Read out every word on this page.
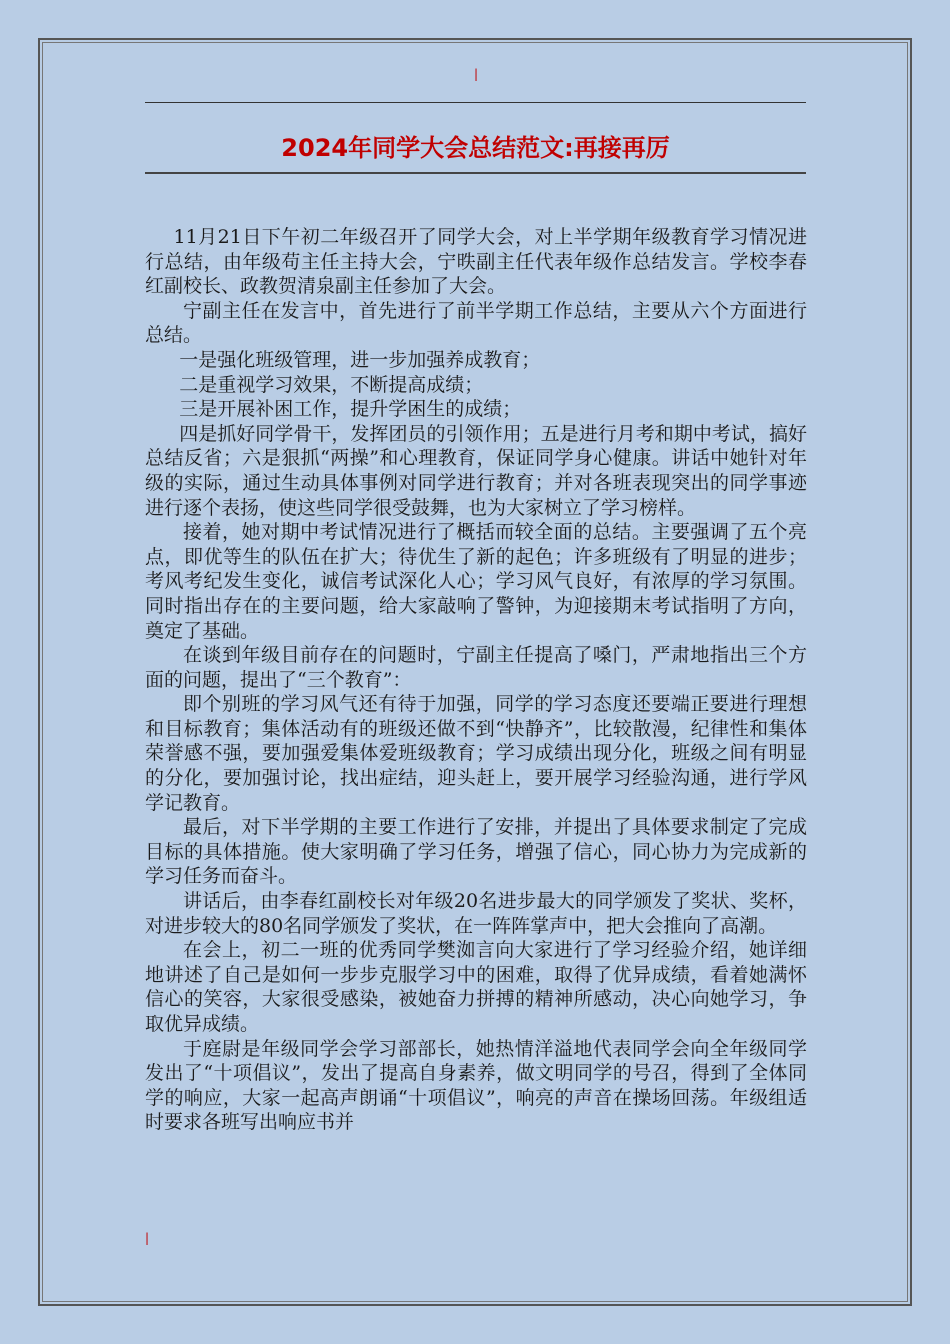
|
2024年同学大会总结范文:再接再厉

11月21日下午初二年级召开了同学大会，对上半学期年级教育学习情况进行总结，由年级苟主任主持大会，宁昳副主任代表年级作总结发言。学校李春红副校长、政教贺清泉副主任参加了大会。

宁副主任在发言中，首先进行了前半学期工作总结，主要从六个方面进行总结。

一是强化班级管理，进一步加强养成教育；

二是重视学习效果，不断提高成绩；

三是开展补困工作，提升学困生的成绩；

四是抓好同学骨干，发挥团员的引领作用；五是进行月考和期中考试，搞好总结反省；六是狠抓“两操”和心理教育，保证同学身心健康。讲话中她针对年级的实际，通过生动具体事例对同学进行教育；并对各班表现突出的同学事迹进行逐个表扬，使这些同学很受鼓舞，也为大家树立了学习榜样。

接着，她对期中考试情况进行了概括而较全面的总结。主要强调了五个亮点，即优等生的队伍在扩大；待优生了新的起色；许多班级有了明显的进步；考风考纪发生变化，诚信考试深化人心；学习风气良好，有浓厚的学习氛围。同时指出存在的主要问题，给大家敲响了警钟，为迎接期末考试指明了方向，奠定了基础。

在谈到年级目前存在的问题时，宁副主任提高了嗓门，严肃地指出三个方面的问题，提出了“三个教育”：

即个别班的学习风气还有待于加强，同学的学习态度还要端正要进行理想和目标教育；集体活动有的班级还做不到“快静齐”，比较散漫，纪律性和集体荣誉感不强，要加强爱集体爱班级教育；学习成绩出现分化，班级之间有明显的分化，要加强讨论，找出症结，迎头赶上，要开展学习经验沟通，进行学风学记教育。

最后，对下半学期的主要工作进行了安排，并提出了具体要求制定了完成目标的具体措施。使大家明确了学习任务，增强了信心，同心协力为完成新的学习任务而奋斗。

讲话后，由李春红副校长对年级20名进步最大的同学颁发了奖状、奖杯，对进步较大的80名同学颁发了奖状，在一阵阵掌声中，把大会推向了高潮。

在会上，初二一班的优秀同学樊洳言向大家进行了学习经验介绍，她详细地讲述了自己是如何一步步克服学习中的困难，取得了优异成绩，看着她满怀信心的笑容，大家很受感染，被她奋力拼搏的精神所感动，决心向她学习，争取优异成绩。

于庭尉是年级同学会学习部部长，她热情洋溢地代表同学会向全年级同学发出了“十项倡议”，发出了提高自身素养，做文明同学的号召，得到了全体同学的响应，大家一起高声朗诵“十项倡议”，响亮的声音在操场回荡。年级组适时要求各班写出响应书并

|
